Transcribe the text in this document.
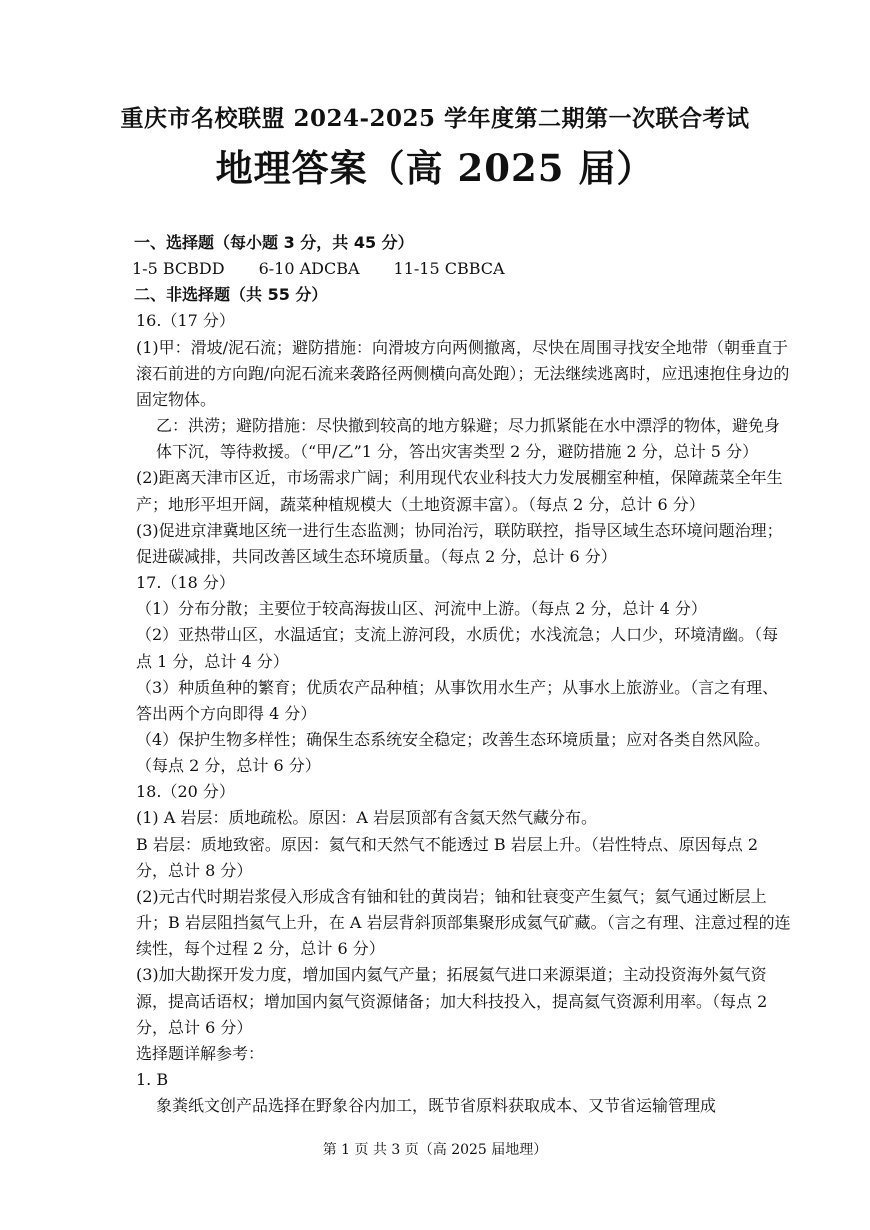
重庆市名校联盟 2024-2025 学年度第二期第一次联合考试
地理答案（高 2025 届）

一、选择题（每小题 3 分，共 45 分）

1-5 BCBDD 6-10 ADCBA 11-15 CBBCA

二、非选择题（共 55 分）

16.（17 分）

(1)甲：滑坡/泥石流；避防措施：向滑坡方向两侧撤离，尽快在周围寻找安全地带（朝垂直于滚石前进的方向跑/向泥石流来袭路径两侧横向高处跑）；无法继续逃离时，应迅速抱住身边的固定物体。

乙：洪涝；避防措施：尽快撤到较高的地方躲避；尽力抓紧能在水中漂浮的物体，避免身体下沉，等待救援。（“甲/乙”1 分，答出灾害类型 2 分，避防措施 2 分，总计 5 分）

(2)距离天津市区近，市场需求广阔；利用现代农业科技大力发展棚室种植，保障蔬菜全年生产；地形平坦开阔，蔬菜种植规模大（土地资源丰富）。（每点 2 分，总计 6 分）

(3)促进京津冀地区统一进行生态监测；协同治污，联防联控，指导区域生态环境问题治理；促进碳减排，共同改善区域生态环境质量。（每点 2 分，总计 6 分）

17.（18 分）

（1）分布分散；主要位于较高海拔山区、河流中上游。（每点 2 分，总计 4 分）

（2）亚热带山区，水温适宜；支流上游河段，水质优；水浅流急；人口少，环境清幽。（每点 1 分，总计 4 分）

（3）种质鱼种的繁育；优质农产品种植；从事饮用水生产；从事水上旅游业。（言之有理、答出两个方向即得 4 分）

（4）保护生物多样性；确保生态系统安全稳定；改善生态环境质量；应对各类自然风险。（每点 2 分，总计 6 分）

18.（20 分）

(1) A 岩层：质地疏松。原因：A 岩层顶部有含氦天然气藏分布。

B 岩层：质地致密。原因：氦气和天然气不能透过 B 岩层上升。（岩性特点、原因每点 2 分，总计 8 分）

(2)元古代时期岩浆侵入形成含有铀和钍的黄岗岩；铀和钍衰变产生氦气；氦气通过断层上升；B 岩层阻挡氦气上升，在 A 岩层背斜顶部集聚形成氦气矿藏。（言之有理、注意过程的连续性，每个过程 2 分，总计 6 分）

(3)加大勘探开发力度，增加国内氦气产量；拓展氦气进口来源渠道；主动投资海外氦气资源，提高话语权；增加国内氦气资源储备；加大科技投入，提高氦气资源利用率。（每点 2 分，总计 6 分）

选择题详解参考：

1. B

象粪纸文创产品选择在野象谷内加工，既节省原料获取成本、又节省运输管理成

第 1 页 共 3 页（高 2025 届地理）
